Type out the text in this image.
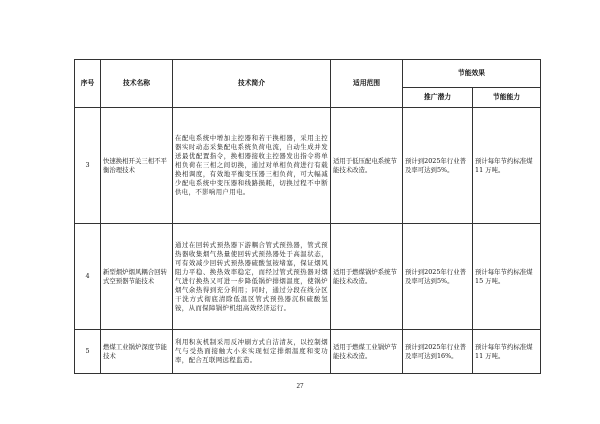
序号	技术名称	技术简介	适用范围	节能效果	
				推广潜力	节能能力
3	快速换相开关三相不平衡治理技术	在配电系统中增加主控器和若干换相器，采用主控器实时动态采集配电系统负荷电流，自动生成并发送最优配置指令，换相器接收主控器发出指令将单相负荷在三相之间切换，通过对单相负荷进行有载换相调度，有效地平衡变压器三相负荷，可大幅减少配电系统中变压器和线路损耗，切换过程不中断供电，不影响用户用电。	适用于低压配电系统节能技术改造。	预计到2025年行业普及率可达到5%。	预计每年节约标准煤 11 万吨。
4	新型烟炉烟风耦合回转式空预器节能技术	通过在回转式预热器下游耦合管式预热器，管式预热器收集烟气热量使回转式预热器处于高温状态，可有效减少回转式预热器硫酸氢铵堵塞，保证烟风阻力平稳、换热效率稳定，而经过管式预热器对烟气进行换热又可进一步降低锅炉排烟温度，使锅炉烟气余热得到充分利用；同时，通过分段在线分区干洗方式彻底清除低温区管式预热器沉积硫酸氢铵，从而保障锅炉机组高效经济运行。	适用于燃煤锅炉系统节能技术改造。	预计到2025年行业普及率可达到5%。	预计每年节约标准煤 15 万吨。
5	燃煤工业锅炉深度节能技术	利用积灰机制采用反冲刷方式自洁清灰，以控制烟气与受热面接触大小来实现恒定排烟温度和变功率，配合互联网远程监造。	适用于燃煤工业锅炉节能技术改造。	预计到2025年行业普及率可达到16%。	预计每年节约标准煤 11 万吨。
27
